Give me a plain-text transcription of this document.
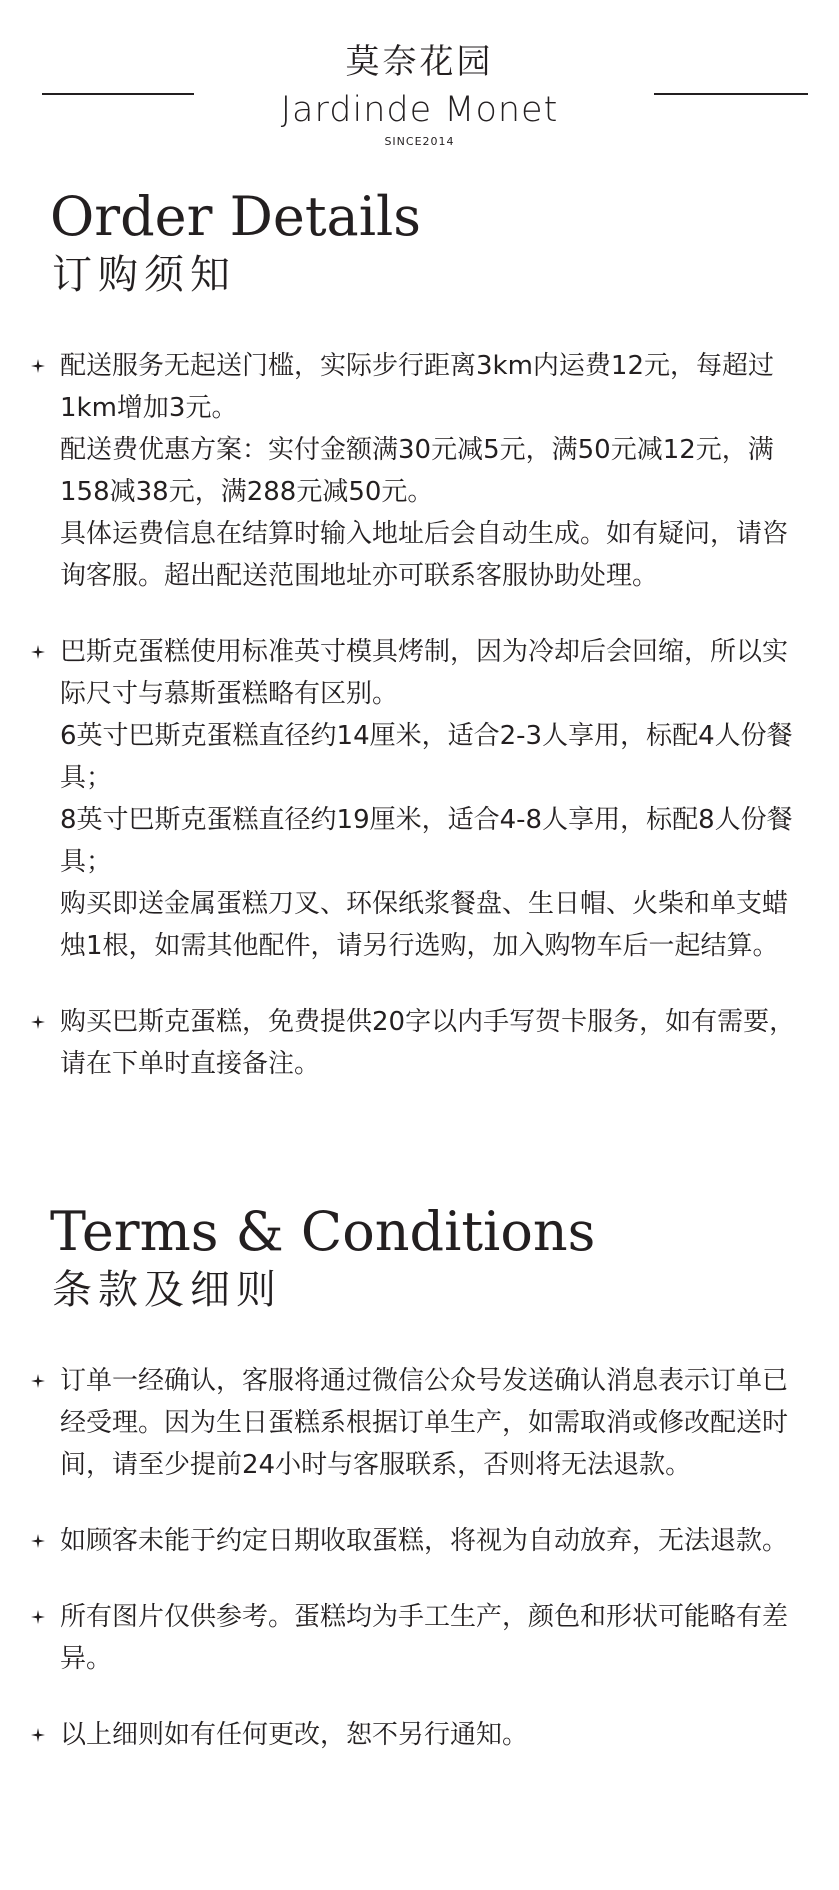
莫奈花园
Jardinde Monet
SINCE2014
Order Details
订购须知
配送服务无起送门槛，实际步行距离3km内运费12元，每超过1km增加3元。
配送费优惠方案：实付金额满30元减5元，满50元减12元，满158减38元，满288元减50元。
具体运费信息在结算时输入地址后会自动生成。如有疑问，请咨询客服。超出配送范围地址亦可联系客服协助处理。
巴斯克蛋糕使用标准英寸模具烤制，因为冷却后会回缩，所以实际尺寸与慕斯蛋糕略有区别。
6英寸巴斯克蛋糕直径约14厘米，适合2-3人享用，标配4人份餐具；
8英寸巴斯克蛋糕直径约19厘米，适合4-8人享用，标配8人份餐具；
购买即送金属蛋糕刀叉、环保纸浆餐盘、生日帽、火柴和单支蜡烛1根，如需其他配件，请另行选购，加入购物车后一起结算。
购买巴斯克蛋糕，免费提供20字以内手写贺卡服务，如有需要，请在下单时直接备注。
Terms & Conditions
条款及细则
订单一经确认，客服将通过微信公众号发送确认消息表示订单已经受理。因为生日蛋糕系根据订单生产，如需取消或修改配送时间，请至少提前24小时与客服联系，否则将无法退款。
如顾客未能于约定日期收取蛋糕，将视为自动放弃，无法退款。
所有图片仅供参考。蛋糕均为手工生产，颜色和形状可能略有差异。
以上细则如有任何更改，恕不另行通知。
